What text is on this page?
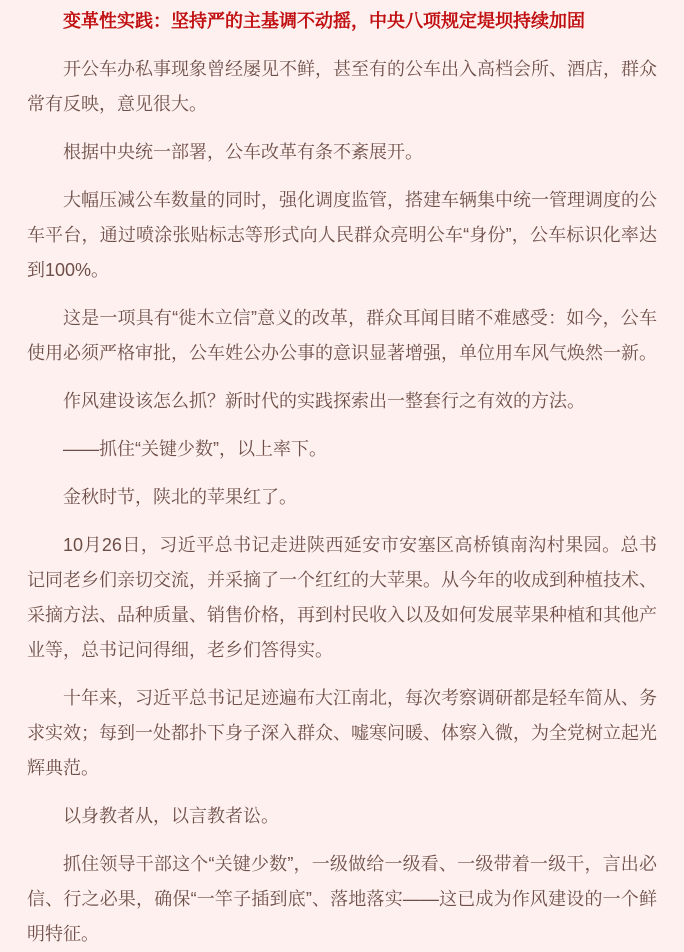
变革性实践：坚持严的主基调不动摇，中央八项规定堤坝持续加固

开公车办私事现象曾经屡见不鲜，甚至有的公车出入高档会所、酒店，群众常有反映，意见很大。

根据中央统一部署，公车改革有条不紊展开。

大幅压减公车数量的同时，强化调度监管，搭建车辆集中统一管理调度的公车平台，通过喷涂张贴标志等形式向人民群众亮明公车“身份”，公车标识化率达到100%。

这是一项具有“徙木立信”意义的改革，群众耳闻目睹不难感受：如今，公车使用必须严格审批，公车姓公办公事的意识显著增强，单位用车风气焕然一新。

作风建设该怎么抓？新时代的实践探索出一整套行之有效的方法。

——抓住“关键少数”，以上率下。

金秋时节，陕北的苹果红了。

10月26日，习近平总书记走进陕西延安市安塞区高桥镇南沟村果园。总书记同老乡们亲切交流，并采摘了一个红红的大苹果。从今年的收成到种植技术、采摘方法、品种质量、销售价格，再到村民收入以及如何发展苹果种植和其他产业等，总书记问得细，老乡们答得实。

十年来，习近平总书记足迹遍布大江南北，每次考察调研都是轻车简从、务求实效；每到一处都扑下身子深入群众、嘘寒问暖、体察入微，为全党树立起光辉典范。

以身教者从，以言教者讼。

抓住领导干部这个“关键少数”，一级做给一级看、一级带着一级干，言出必信、行之必果，确保“一竿子插到底”、落地落实——这已成为作风建设的一个鲜明特征。
